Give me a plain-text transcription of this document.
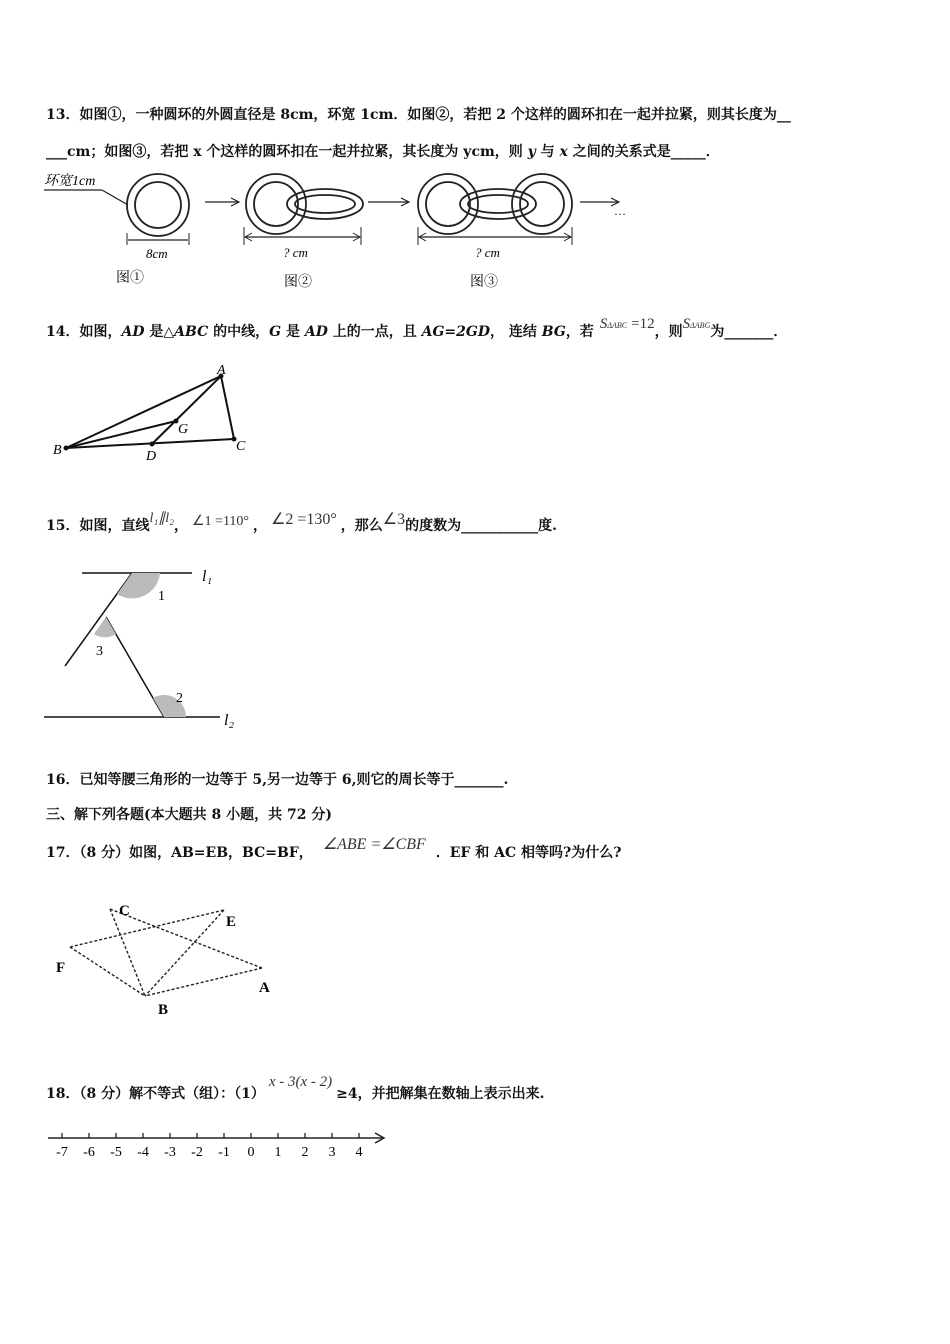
13．如图①，一种圆环的外圆直径是 8cm，环宽 1cm．如图②，若把 2 个这样的圆环扣在一起并拉紧，则其长度为__
___cm；如图③，若把 x 个这样的圆环扣在一起并拉紧，其长度为 ycm，则 y 与 x 之间的关系式是_____．
环宽1cm
8cm
图①
? cm
图②
? cm
图③
…
14．如图，AD 是△ABC 的中线，G 是 AD 上的一点，且 AG=2GD， 连结 BG，若 SΔABC =12，则SΔABG为_______．
A
B	C
D
G
15．如图，直线l₁∥l₂， ∠1 =110° ， ∠2 =130° ，那么∠3的度数为___________度.
1
2
3
l₁
l₂
16．已知等腰三角形的一边等于 5,另一边等于 6,则它的周长等于_______.
三、解下列各题(本大题共 8 小题，共 72 分)
17．（8 分）如图，AB=EB，BC=BF， ∠ABE =∠CBF ．EF 和 AC 相等吗?为什么?
C
E
F
A
B
18．（8 分）解不等式（组）：（1）x - 3(x - 2)≥4，并把解集在数轴上表示出来.
-7 -6 -5 -4 -3 -2 -1 0 1 2 3 4
